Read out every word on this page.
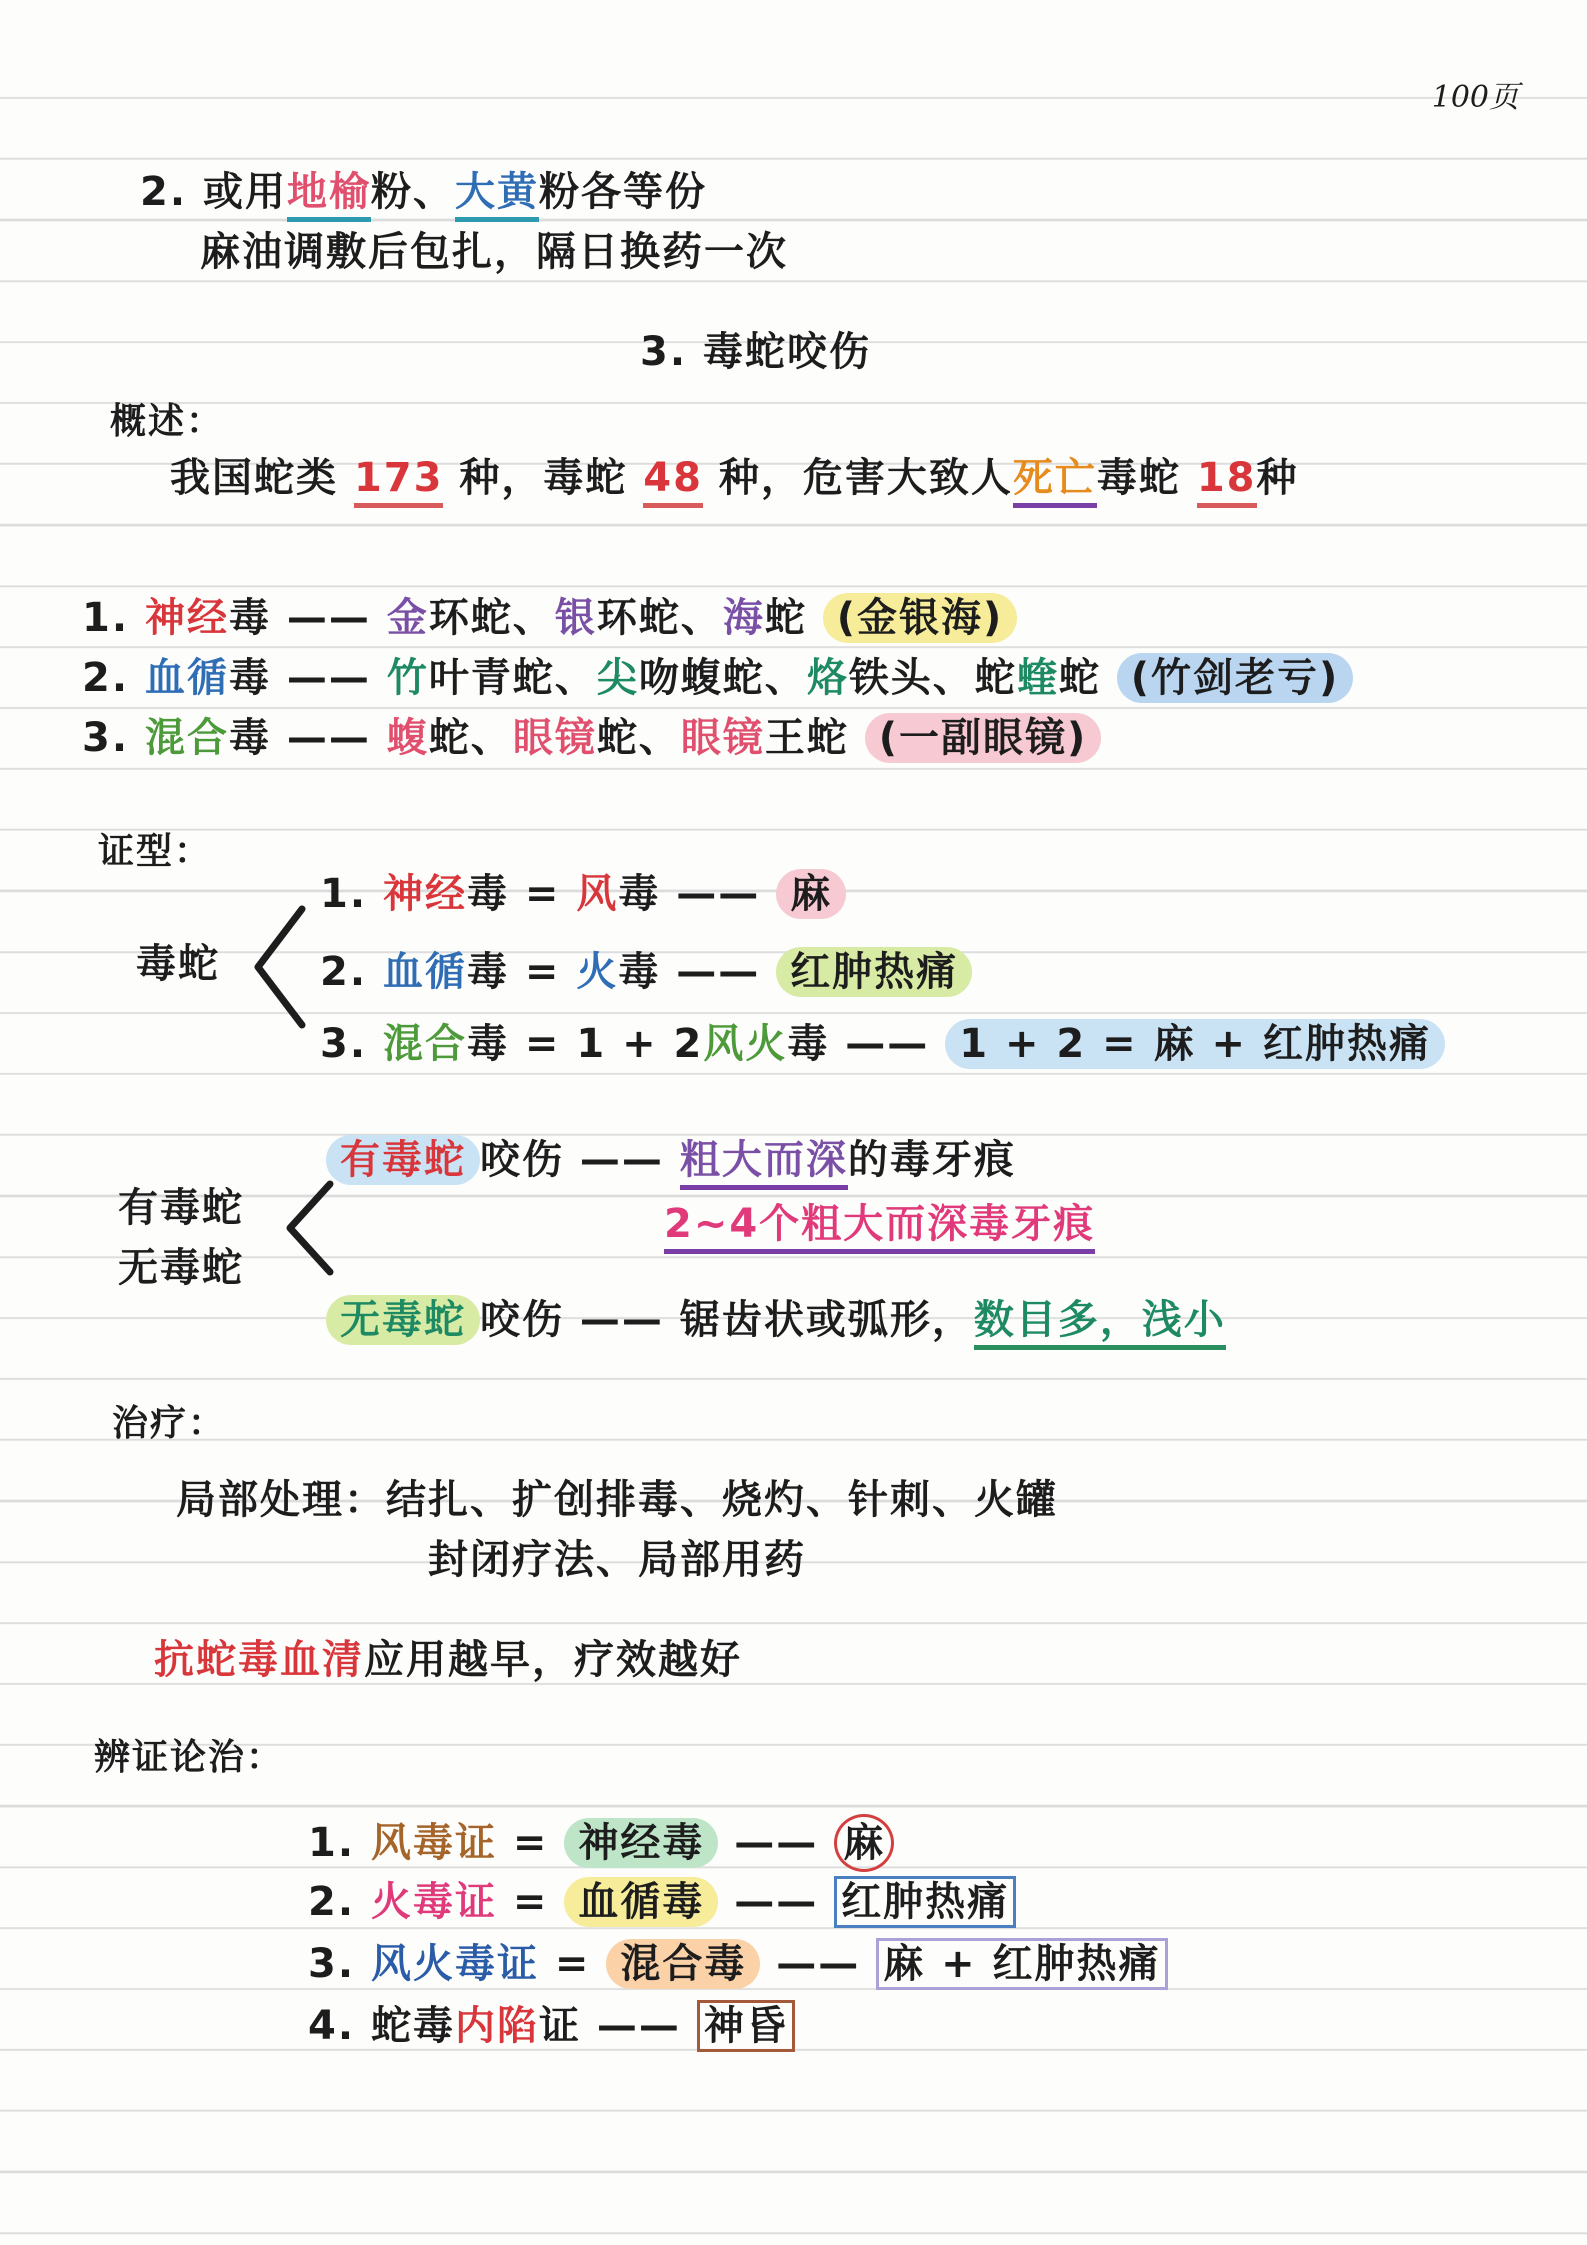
100页
2. 或用地榆粉、大黄粉各等份
麻油调敷后包扎，隔日换药一次
3. 毒蛇咬伤
概述：
我国蛇类 173 种，毒蛇 48 种，危害大致人死亡毒蛇 18种
1. 神经毒 —— 金环蛇、银环蛇、海蛇 (金银海)
2. 血循毒 —— 竹叶青蛇、尖吻蝮蛇、烙铁头、蛇蝰蛇 (竹剑老亏)
3. 混合毒 —— 蝮蛇、眼镜蛇、眼镜王蛇 (一副眼镜)
证型：
毒蛇
1. 神经毒 = 风毒 —— 麻
2. 血循毒 = 火毒 —— 红肿热痛
3. 混合毒 = 1 + 2风火毒 —— 1 + 2 = 麻 + 红肿热痛
有毒蛇
无毒蛇
有毒蛇 咬伤 —— 粗大而深的毒牙痕
2~4个粗大而深毒牙痕
无毒蛇 咬伤 —— 锯齿状或弧形，数目多，浅小
治疗：
局部处理：结扎、扩创排毒、烧灼、针刺、火罐
封闭疗法、局部用药
抗蛇毒血清应用越早，疗效越好
辨证论治：
1. 风毒证 = 神经毒 —— 麻
2. 火毒证 = 血循毒 —— 红肿热痛
3. 风火毒证 = 混合毒 —— 麻 + 红肿热痛
4. 蛇毒内陷证 —— 神昏
